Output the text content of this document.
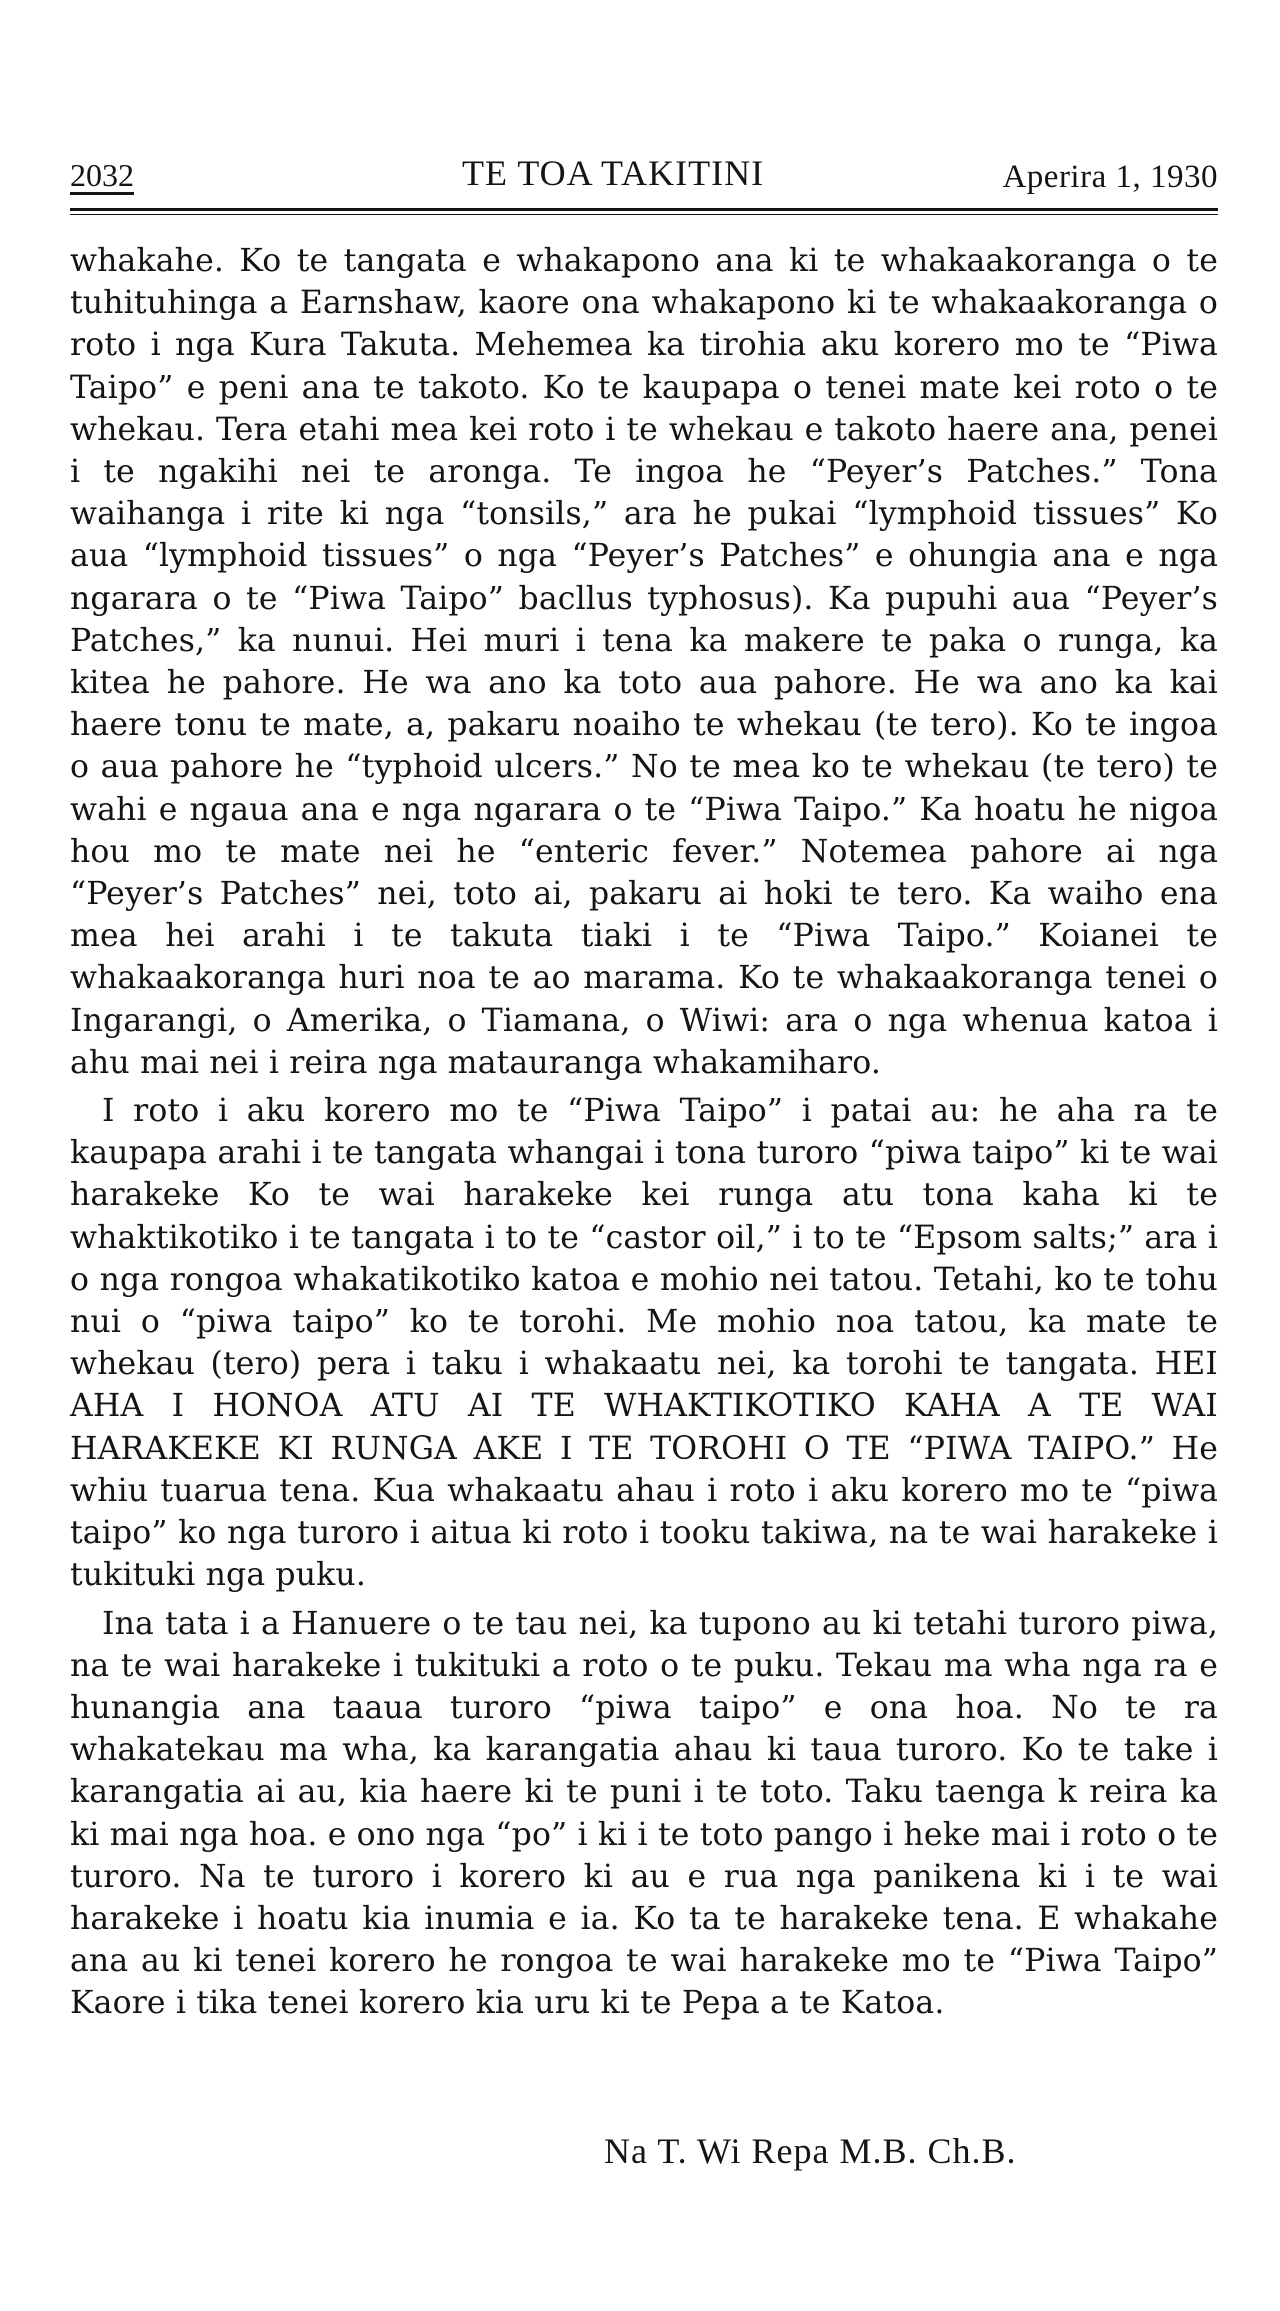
2032	TE TOA TAKITINI	Aperira 1, 1930

whakahe. Ko te tangata e whakapono ana ki te whakaakoranga o te tuhituhinga a Earnshaw, kaore ona whakapono ki te whakaakoranga o roto i nga Kura Takuta. Mehemea ka tirohia aku korero mo te “Piwa Taipo” e peni ana te takoto. Ko te kaupapa o tenei mate kei roto o te whekau. Tera etahi mea kei roto i te whekau e takoto haere ana, penei i te ngakihi nei te aronga. Te ingoa he “Peyer’s Patches.” Tona waihanga i rite ki nga “tonsils,” ara he pukai “lymphoid tissues” Ko aua “lymphoid tissues” o nga “Peyer’s Patches” e ohungia ana e nga ngarara o te “Piwa Taipo” bacllus typhosus). Ka pupuhi aua “Peyer’s Patches,” ka nunui. Hei muri i tena ka makere te paka o runga, ka kitea he pahore. He wa ano ka toto aua pahore. He wa ano ka kai haere tonu te mate, a, pakaru noaiho te whekau (te tero). Ko te ingoa o aua pahore he “typhoid ulcers.” No te mea ko te whekau (te tero) te wahi e ngaua ana e nga ngarara o te “Piwa Taipo.” Ka hoatu he nigoa hou mo te mate nei he “enteric fever.” Notemea pahore ai nga “Peyer’s Patches” nei, toto ai, pakaru ai hoki te tero. Ka waiho ena mea hei arahi i te takuta tiaki i te “Piwa Taipo.” Koianei te whakaakoranga huri noa te ao marama. Ko te whakaakoranga tenei o Ingarangi, o Amerika, o Tiamana, o Wiwi: ara o nga whenua katoa i ahu mai nei i reira nga matauranga whakamiharo.

I roto i aku korero mo te “Piwa Taipo” i patai au: he aha ra te kaupapa arahi i te tangata whangai i tona turoro “piwa taipo” ki te wai harakeke Ko te wai harakeke kei runga atu tona kaha ki te whaktikotiko i te tangata i to te “castor oil,” i to te “Epsom salts;” ara i o nga rongoa whakatikotiko katoa e mohio nei tatou. Tetahi, ko te tohu nui o “piwa taipo” ko te torohi. Me mohio noa tatou, ka mate te whekau (tero) pera i taku i whakaatu nei, ka torohi te tangata. HEI AHA I HONOA ATU AI TE WHAKTIKOTIKO KAHA A TE WAI HARAKEKE KI RUNGA AKE I TE TOROHI O TE “PIWA TAIPO.” He whiu tuarua tena. Kua whakaatu ahau i roto i aku korero mo te “piwa taipo” ko nga turoro i aitua ki roto i tooku takiwa, na te wai harakeke i tukituki nga puku.

Ina tata i a Hanuere o te tau nei, ka tupono au ki tetahi turoro piwa, na te wai harakeke i tukituki a roto o te puku. Tekau ma wha nga ra e hunangia ana taaua turoro “piwa taipo” e ona hoa. No te ra whakatekau ma wha, ka karangatia ahau ki taua turoro. Ko te take i karangatia ai au, kia haere ki te puni i te toto. Taku taenga k reira ka ki mai nga hoa. e ono nga “po” i ki i te toto pango i heke mai i roto o te turoro. Na te turoro i korero ki au e rua nga panikena ki i te wai harakeke i hoatu kia inumia e ia. Ko ta te harakeke tena. E whakahe ana au ki tenei korero he rongoa te wai harakeke mo te “Piwa Taipo” Kaore i tika tenei korero kia uru ki te Pepa a te Katoa.

Na T. Wi Repa M.B. Ch.B.
